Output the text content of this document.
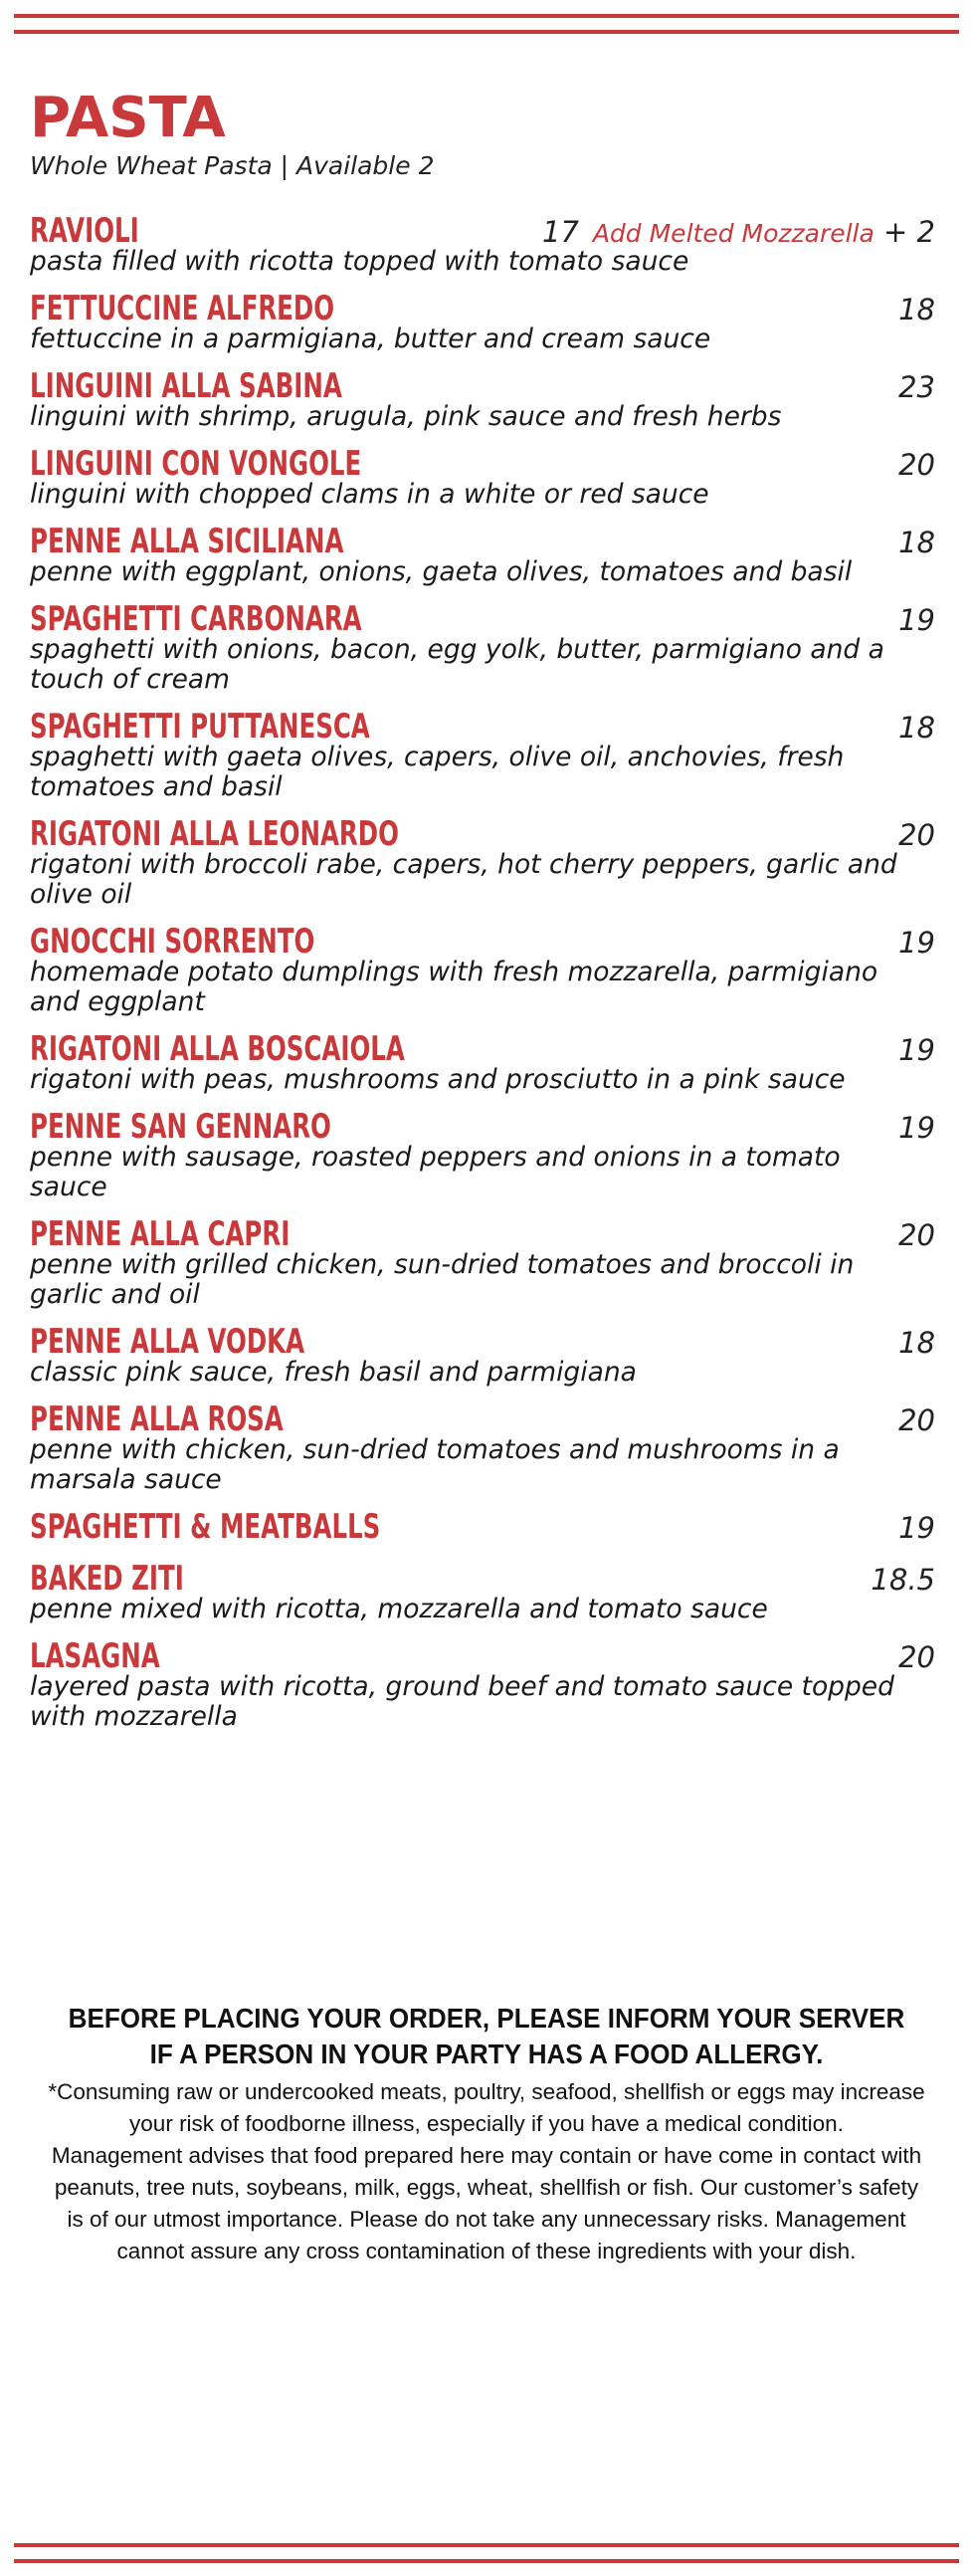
PASTA

Whole Wheat Pasta | Available 2

RAVIOLI	17 Add Melted Mozzarella + 2
pasta filled with ricotta topped with tomato sauce
FETTUCCINE ALFREDO	18
fettuccine in a parmigiana, butter and cream sauce
LINGUINI ALLA SABINA	23
linguini with shrimp, arugula, pink sauce and fresh herbs
LINGUINI CON VONGOLE	20
linguini with chopped clams in a white or red sauce
PENNE ALLA SICILIANA	18
penne with eggplant, onions, gaeta olives, tomatoes and basil
SPAGHETTI CARBONARA	19
spaghetti with onions, bacon, egg yolk, butter, parmigiano and a touch of cream
SPAGHETTI PUTTANESCA	18
spaghetti with gaeta olives, capers, olive oil, anchovies, fresh tomatoes and basil
RIGATONI ALLA LEONARDO	20
rigatoni with broccoli rabe, capers, hot cherry peppers, garlic and olive oil
GNOCCHI SORRENTO	19
homemade potato dumplings with fresh mozzarella, parmigiano and eggplant
RIGATONI ALLA BOSCAIOLA	19
rigatoni with peas, mushrooms and prosciutto in a pink sauce
PENNE SAN GENNARO	19
penne with sausage, roasted peppers and onions in a tomato sauce
PENNE ALLA CAPRI	20
penne with grilled chicken, sun-dried tomatoes and broccoli in garlic and oil
PENNE ALLA VODKA	18
classic pink sauce, fresh basil and parmigiana
PENNE ALLA ROSA	20
penne with chicken, sun-dried tomatoes and mushrooms in a marsala sauce
SPAGHETTI & MEATBALLS	19
BAKED ZITI	18.5
penne mixed with ricotta, mozzarella and tomato sauce
LASAGNA	20
layered pasta with ricotta, ground beef and tomato sauce topped with mozzarella

BEFORE PLACING YOUR ORDER, PLEASE INFORM YOUR SERVER
IF A PERSON IN YOUR PARTY HAS A FOOD ALLERGY.

*Consuming raw or undercooked meats, poultry, seafood, shellfish or eggs may increase
your risk of foodborne illness, especially if you have a medical condition.
Management advises that food prepared here may contain or have come in contact with
peanuts, tree nuts, soybeans, milk, eggs, wheat, shellfish or fish. Our customer’s safety
is of our utmost importance. Please do not take any unnecessary risks. Management
cannot assure any cross contamination of these ingredients with your dish.
